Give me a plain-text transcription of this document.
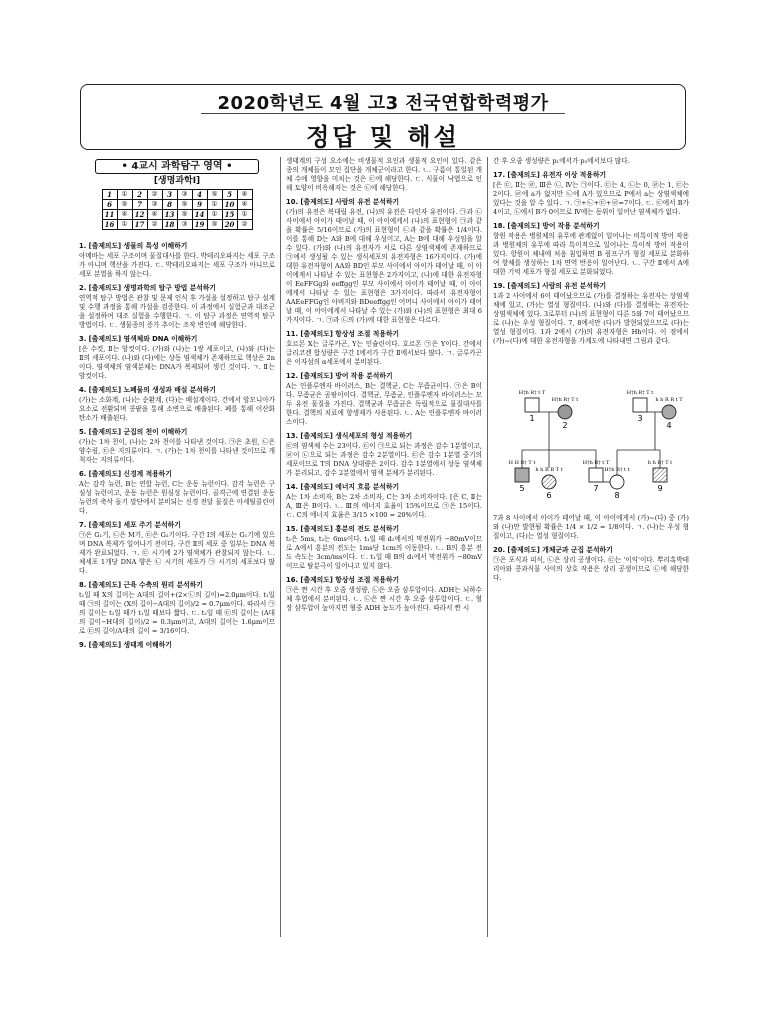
2020학년도 4월 고3 전국연합학력평가
정답 및 해설
• 4교시 과학탐구 영역 •
[생명과학Ⅰ]
1	①	2	②	3	③	4	⑤	5	④
6	⑤	7	③	8	⑤	9	①	10	④
11	④	12	④	13	⑤	14	①	15	①
16	①	17	②	18	③	19	⑤	20	②
1. [출제의도] 생물의 특성 이해하기
아메바는 세포 구조이며 물질대사를 한다. 박테리오파지는 세포 구조가 아니며 핵산을 가진다. ㄷ. 박테리오파지는 세포 구조가 아니므로 세포 분열을 하지 않는다.
2. [출제의도] 생명과학의 탐구 방법 분석하기
연역적 탐구 방법은 관찰 및 문제 인식 후 가설을 설정하고 탐구 설계 및 수행 과정을 통해 가설을 검증한다. 이 과정에서 실험군과 대조군을 설정하여 대조 실험을 수행한다. ㄱ. 이 탐구 과정은 연역적 탐구 방법이다. ㄷ. 생물종의 증가 추이는 조작 변인에 해당한다.
3. [출제의도] 염색체와 DNA 이해하기
[은 수컷, Ⅱ는 암컷이다. (가)와 (나)는 1쌍 세포이고, (나)와 (다)는 Ⅱ의 세포이다. (나)와 (다)에는 상동 염색체가 존재하므로 핵상은 2n이다. 염색체의 염색분체는 DNA가 복제되어 생긴 것이다. ㄱ. Ⅱ는 암컷이다.
4. [출제의도] 노폐물의 생성과 배설 분석하기
(가)는 소화계, (나)는 순환계, (다)는 배설계이다. 간에서 암모니아가 요소로 전환되며 콩팥을 통해 소변으로 배출된다. 폐를 통해 이산화 탄소가 배출된다.
5. [출제의도] 군집의 천이 이해하기
(가)는 1차 천이, (나)는 2차 천이를 나타낸 것이다. ㉠은 초원, ㉡은 양수림, ㉢은 지의류이다. ㄱ. (가)는 1차 천이를 나타낸 것이므로 개척자는 지의류이다.
6. [출제의도] 신경계 적용하기
A는 감각 뉴런, B는 연합 뉴런, C는 운동 뉴런이다. 감각 뉴런은 구심성 뉴런이고, 운동 뉴런은 원심성 뉴런이다. 골격근에 연결된 운동 뉴런의 축삭 돌기 말단에서 분비되는 신경 전달 물질은 아세틸콜린이다.
7. [출제의도] 세포 주기 분석하기
㉠은 G₁기, ㉡은 M기, ㉢은 G₂기이다. 구간 Ⅰ의 세포는 G₁기에 있으며 DNA 복제가 일어나기 전이다. 구간 Ⅱ의 세포 중 일부는 DNA 복제가 완료되었다. ㄱ. ㉢ 시기에 2가 염색체가 관찰되지 않는다. ㄴ. 체세포 1개당 DNA 양은 ㉡ 시기의 세포가 ㉠ 시기의 세포보다 많다.
8. [출제의도] 근육 수축의 원리 분석하기
t₁일 때 X의 길이는 A대의 길이+(2×㉡의 길이)=2.0μm이다. t₁일 때 ㉠의 길이는 (X의 길이−A대의 길이)/2 = 0.7μm이다. 따라서 ㉠의 길이는 t₂일 때가 t₁일 때보다 짧다. ㄷ. t₂일 때 ㉢의 길이는 (A대의 길이−H대의 길이)/2 = 0.3μm이고, A대의 길이는 1.6μm이므로 ㉢의 길이/A대의 길이 = 3/16이다.
9. [출제의도] 생태계 이해하기
생태계의 구성 요소에는 비생물적 요인과 생물적 요인이 있다. 같은 종의 개체들이 모인 집단을 개체군이라고 한다. ㄴ. 구름이 통일된 개체 수에 영향을 미치는 것은 ㉢에 해당한다. ㄷ. 식물이 낙엽으로 인해 토양이 비옥해지는 것은 ㉡에 해당한다.
10. [출제의도] 사람의 유전 분석하기
(가)의 유전은 복대립 유전, (나)의 유전은 다인자 유전이다. ㉠과 ㉡ 사이에서 아이가 태어날 때, 이 아이에게서 (나)의 표현형이 ㉠과 같을 확률은 5/16이므로 (가)의 표현형이 ㉡과 같을 확률은 1/4이다. 이를 통해 D는 A와 B에 대해 우성이고, A는 B에 대해 우성임을 알 수 있다. (가)와 (나)의 유전자가 서로 다른 상염색체에 존재하므로 ㉠에서 생성될 수 있는 생식세포의 유전자형은 16가지이다. (가)에 대한 유전자형이 AA와 BD인 부모 사이에서 아이가 태어날 때, 이 아이에게서 나타날 수 있는 표현형은 2가지이고, (나)에 대한 유전자형이 EeFFGg와 eeffgg인 부모 사이에서 아이가 태어날 때, 이 아이에게서 나타날 수 있는 표현형은 3가지이다. 따라서 유전자형이 AAEeFFGg인 아버지와 BDeeffgg인 어머니 사이에서 아이가 태어날 때, 이 아이에게서 나타날 수 있는 (가)와 (나)의 표현형은 최대 6가지이다. ㄱ. ㉠과 ㉡의 (가)에 대한 표현형은 다르다.
11. [출제의도] 항상성 조절 적용하기
호르몬 X는 글루카곤, Y는 인슐린이다. 호르몬 ㉠은 Y이다. 간에서 글리코겐 합성량은 구간 Ⅰ에서가 구간 Ⅱ에서보다 많다. ㄱ. 글루카곤은 이자섬의 α세포에서 분비된다.
12. [출제의도] 방어 작용 분석하기
A는 인플루엔자 바이러스, B는 결핵균, C는 무좀균이다. ㉠은 B이다. 무좀균은 곰팡이이다. 결핵균, 무좀균, 인플루엔자 바이러스는 모두 유전 물질을 가진다. 결핵균과 무좀균은 독립적으로 물질대사를 한다. 결핵의 치료에 항생제가 사용된다. ㄴ. A는 인플루엔자 바이러스이다.
13. [출제의도] 생식세포의 형성 적용하기
㉢의 염색체 수는 23이다. ㉢이 ㉠으로 되는 과정은 감수 1분열이고, ㉣이 ㉡으로 되는 과정은 감수 2분열이다. ㉢은 감수 1분열 중기의 세포이므로 T의 DNA 상대량은 2이다. 감수 1분열에서 상동 염색체가 분리되고, 감수 2분열에서 염색 분체가 분리된다.
14. [출제의도] 에너지 흐름 분석하기
A는 1차 소비자, B는 2차 소비자, C는 3차 소비자이다. [은 C, Ⅱ는 A, Ⅲ은 B이다. ㄴ. Ⅲ의 에너지 효율이 15%이므로 ㉠은 15이다. ㄷ. C의 에너지 효율은 3/15 ×100 = 20%이다.
15. [출제의도] 흥분의 전도 분석하기
t₁은 5ms, t₂는 6ms이다. t₁일 때 d₂에서의 막전위가 −80mV이므로 A에서 흥분의 전도는 1ms당 1cm의 이동한다. ㄴ. B의 흥분 전도 속도는 3cm/ms이다. ㄷ. t₁일 때 B의 d₁에서 막전위가 −80mV이므로 탈분극이 일어나고 있지 않다.
16. [출제의도] 항상성 조절 적용하기
㉠은 짠 시간 후 오줌 생성량, ㉡은 오줌 삼투압이다. ADH는 뇌하수체 후엽에서 분비된다. ㄴ. ㉡은 짠 시간 후 오줌 삼투압이다. ㄷ. 혈장 삼투압이 높아지면 혈중 ADH 농도가 높아진다. 따라서 짠 시
간 후 오줌 생성량은 p₁에서가 p₂에서보다 많다.
17. [출제의도] 유전자 이상 적용하기
[은 ㉢, Ⅱ는 ㉣, Ⅲ은 ㉡, Ⅳ는 ㉠이다. ㉢는 4, ㉡는 0, ㉣는 1, ㉢는 2이다. ㉣에 a가 없지만 ㉡에 A가 있으므로 P에서 a는 상염색체에 있다는 것을 알 수 있다. ㄱ. ㉠+㉡+㉢+㉣=7이다. ㄷ. ㉢에서 B가 4이고, ㉡에서 B가 0이므로 Ⅳ에는 동위이 일어난 염색체가 없다.
18. [출제의도] 방어 작용 분석하기
항원 작용은 병원체의 유무에 관계없이 일어나는 비특이적 방어 작용과 병원체의 유무에 따라 특이적으로 일어나는 특이적 방어 작용이 있다. 항원이 체내에 처음 침입하면 B 림프구가 형질 세포로 분화하여 항체를 생성하는 1차 면역 반응이 일어난다. ㄴ. 구간 Ⅱ에서 A에 대한 기억 세포가 형질 세포로 분화되었다.
19. [출제의도] 사람의 유전 분석하기
1과 2 사이에서 6이 태어났으므로 (가)를 결정하는 유전자는 상염색체에 있고, (가)는 열성 형질이다. (나)와 (다)를 결정하는 유전자는 상염색체에 있다. 3로부터 (나)의 표현형이 다른 5와 7이 태어났으므로 (나)는 우성 형질이다. 7, 8에서만 (다)가 발현되었으므로 (다)는 열성 형질이다. 1과 2에서 (가)의 유전자형은 Hh이다. 이 점에서 (가)~(다)에 대한 유전자형을 가계도에 나타내면 그림과 같다.
1
H†h R† t T
2
H†h R† T t
3
H†h R† T t
4
h h R R t T
5
H H R† T t
6
h h R R T t
7
H†h R† t T
8
H†h R† t t
9
h h R† T t
7과 8 사이에서 아이가 태어날 때, 이 아이에게서 (가)~(다) 중 (가)와 (나)만 발현될 확률은 1/4 × 1/2 = 1/8이다. ㄱ. (나)는 우성 형질이고, (다)는 열성 형질이다.
20. [출제의도] 개체군과 군집 분석하기
㉠은 포식과 피식, ㉡은 상리 공생이다. ㉢는 '이익'이다. 뿌리혹박테리아와 콩과식물 사이의 상호 작용은 상리 공생이므로 ㉡에 해당한다.
